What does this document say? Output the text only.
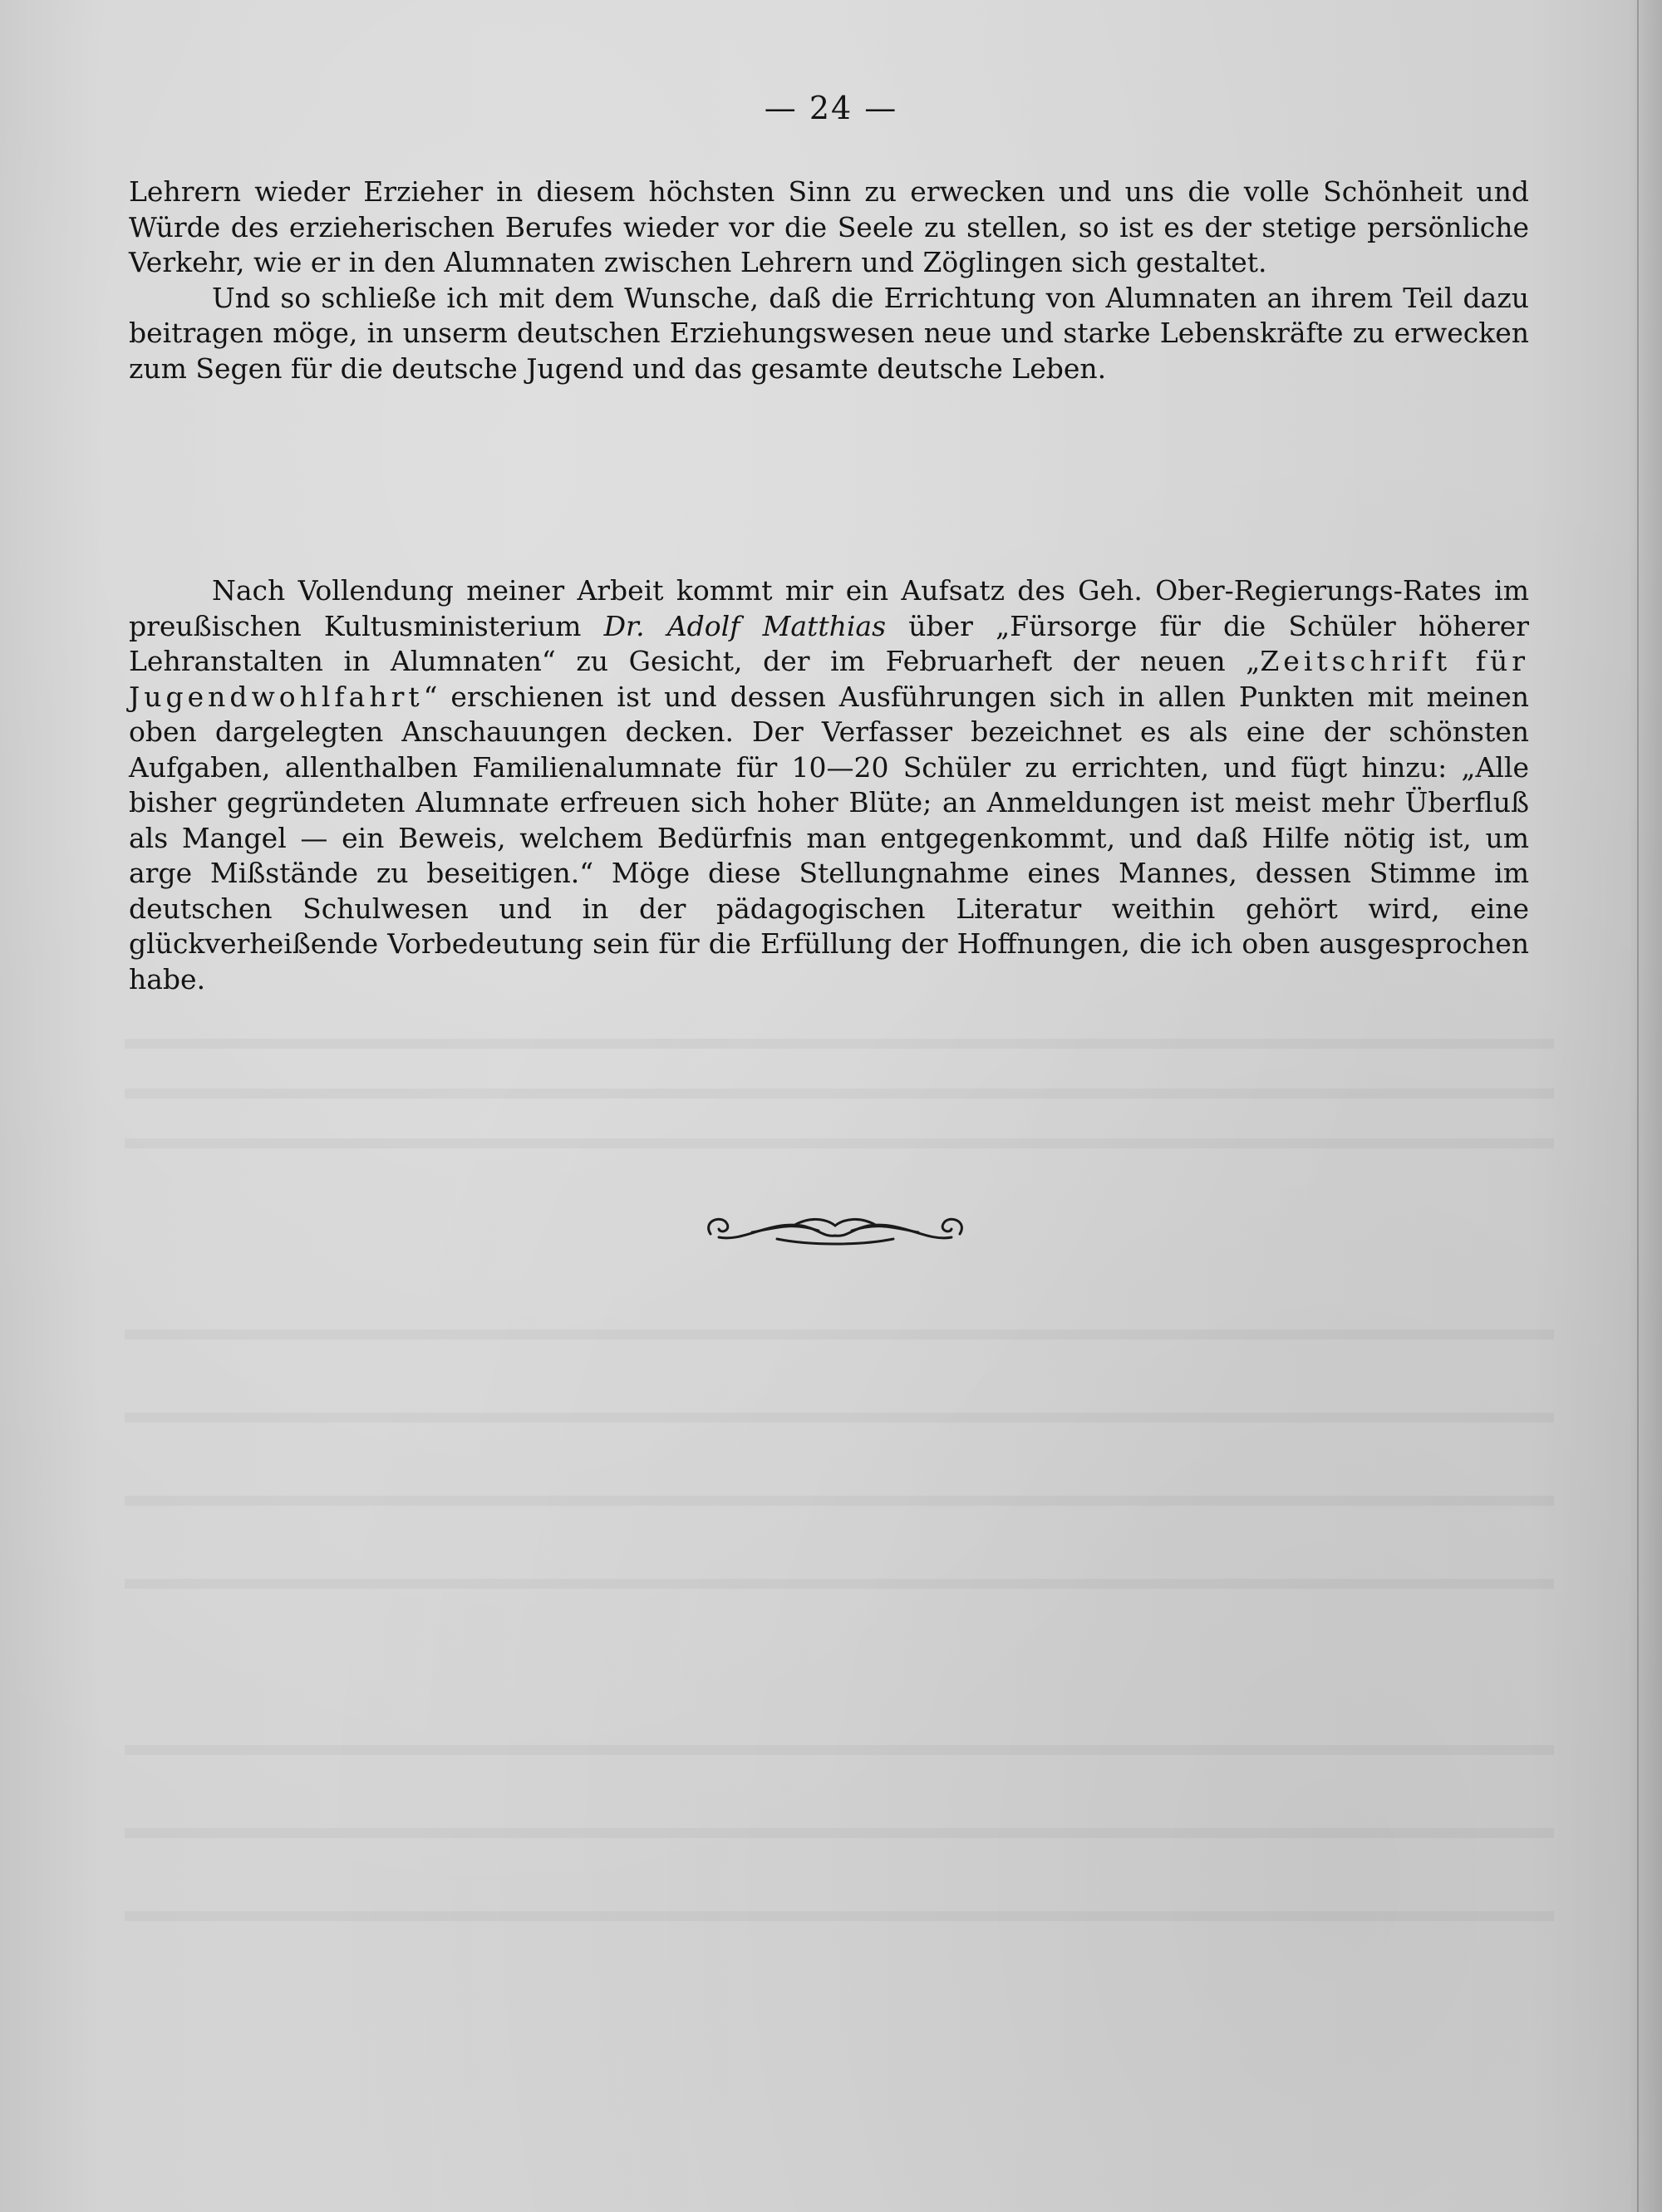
— 24 —

Lehrern wieder Erzieher in diesem höchsten Sinn zu erwecken und uns die volle Schönheit und Würde des erzieherischen Berufes wieder vor die Seele zu stellen, so ist es der stetige persönliche Verkehr, wie er in den Alumnaten zwischen Lehrern und Zöglingen sich gestaltet.

Und so schließe ich mit dem Wunsche, daß die Errichtung von Alumnaten an ihrem Teil dazu beitragen möge, in unserm deutschen Erziehungswesen neue und starke Lebenskräfte zu erwecken zum Segen für die deutsche Jugend und das gesamte deutsche Leben.

Nach Vollendung meiner Arbeit kommt mir ein Aufsatz des Geh. Ober-Regierungs-Rates im preußischen Kultusministerium Dr. Adolf Matthias über „Fürsorge für die Schüler höherer Lehranstalten in Alumnaten“ zu Gesicht, der im Februarheft der neuen „Zeitschrift für Jugendwohlfahrt“ erschienen ist und dessen Ausführungen sich in allen Punkten mit meinen oben dargelegten Anschauungen decken. Der Verfasser bezeichnet es als eine der schönsten Aufgaben, allenthalben Familienalumnate für 10—20 Schüler zu errichten, und fügt hinzu: „Alle bisher gegründeten Alumnate erfreuen sich hoher Blüte; an Anmeldungen ist meist mehr Überfluß als Mangel — ein Beweis, welchem Bedürfnis man entgegenkommt, und daß Hilfe nötig ist, um arge Mißstände zu beseitigen.“ Möge diese Stellungnahme eines Mannes, dessen Stimme im deutschen Schulwesen und in der pädagogischen Literatur weithin gehört wird, eine glückverheißende Vorbedeutung sein für die Erfüllung der Hoffnungen, die ich oben ausgesprochen habe.
